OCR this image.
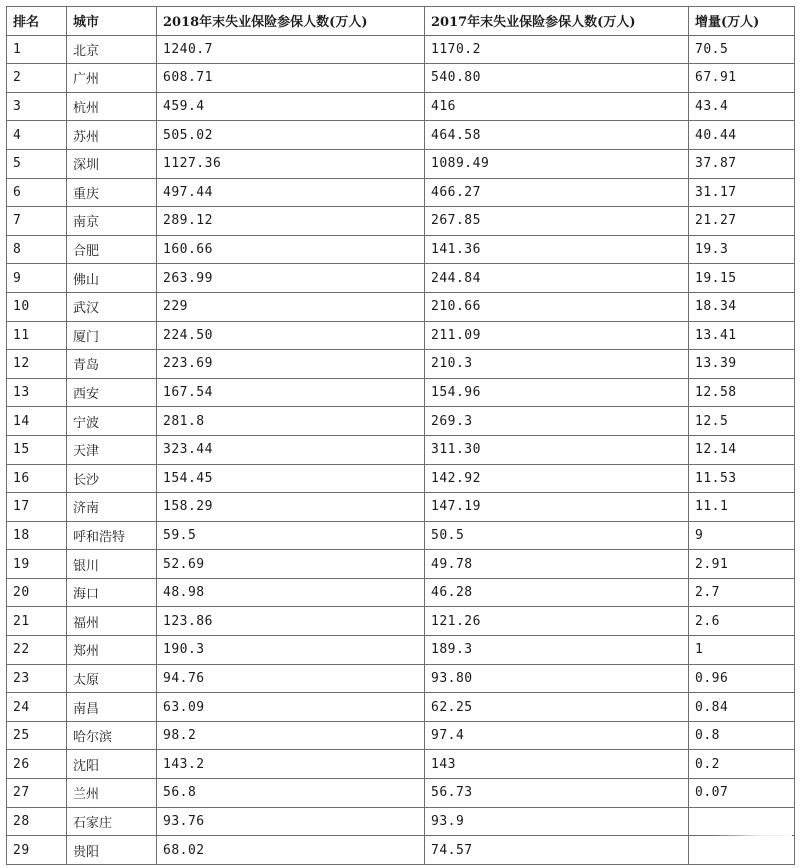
排名	城市	2018年末失业保险参保人数(万人)	2017年末失业保险参保人数(万人)	增量(万人)
1	北京	1240.7	1170.2	70.5
2	广州	608.71	540.80	67.91
3	杭州	459.4	416	43.4
4	苏州	505.02	464.58	40.44
5	深圳	1127.36	1089.49	37.87
6	重庆	497.44	466.27	31.17
7	南京	289.12	267.85	21.27
8	合肥	160.66	141.36	19.3
9	佛山	263.99	244.84	19.15
10	武汉	229	210.66	18.34
11	厦门	224.50	211.09	13.41
12	青岛	223.69	210.3	13.39
13	西安	167.54	154.96	12.58
14	宁波	281.8	269.3	12.5
15	天津	323.44	311.30	12.14
16	长沙	154.45	142.92	11.53
17	济南	158.29	147.19	11.1
18	呼和浩特	59.5	50.5	9
19	银川	52.69	49.78	2.91
20	海口	48.98	46.28	2.7
21	福州	123.86	121.26	2.6
22	郑州	190.3	189.3	1
23	太原	94.76	93.80	0.96
24	南昌	63.09	62.25	0.84
25	哈尔滨	98.2	97.4	0.8
26	沈阳	143.2	143	0.2
27	兰州	56.8	56.73	0.07
28	石家庄	93.76	93.9	
29	贵阳	68.02	74.57	
